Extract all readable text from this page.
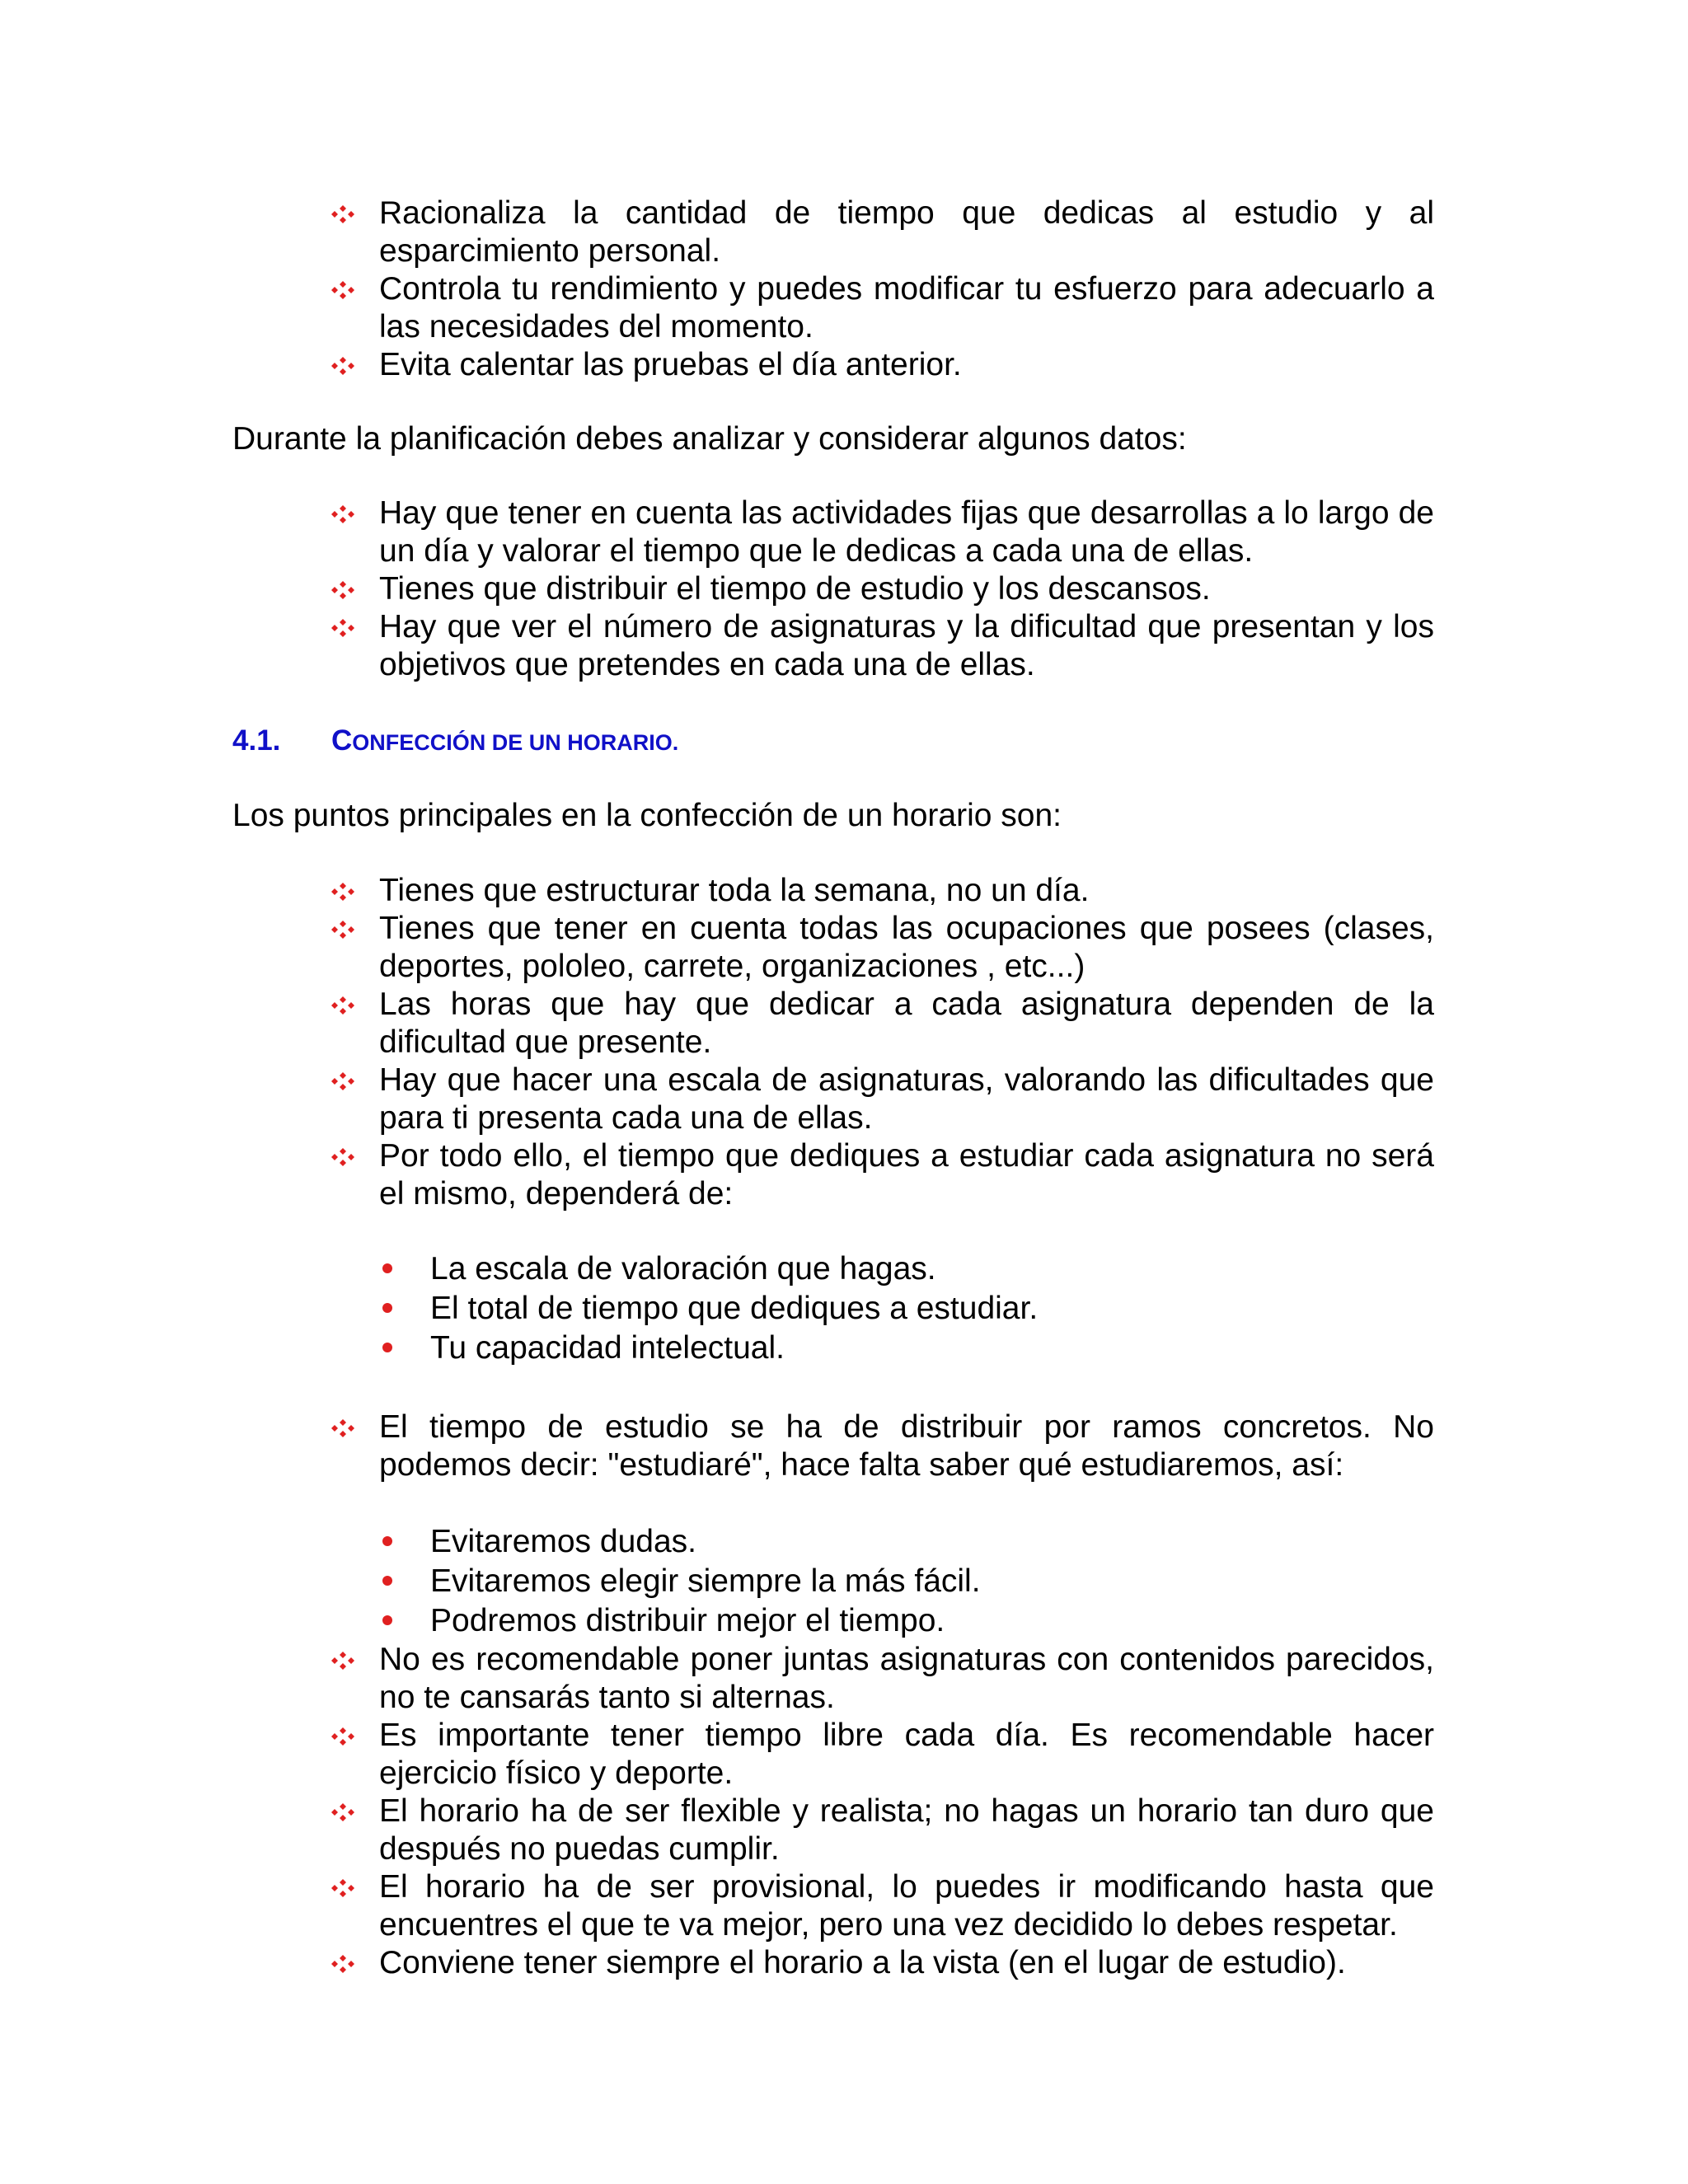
Racionaliza la cantidad de tiempo que dedicas al estudio y al esparcimiento personal.
Controla tu rendimiento y puedes modificar tu esfuerzo para adecuarlo a las necesidades del momento.
Evita calentar las pruebas el día anterior.

Durante la planificación debes analizar y considerar algunos datos:

Hay que tener en cuenta las actividades fijas que desarrollas a lo largo de un día y valorar el tiempo que le dedicas a cada una de ellas.
Tienes que distribuir el tiempo de estudio y los descansos.
Hay que ver el número de asignaturas y la dificultad que presentan y los objetivos que pretendes en cada una de ellas.
4.1. CONFECCIÓN DE UN HORARIO.

Los puntos principales en la confección de un horario son:

Tienes que estructurar toda la semana, no un día.
Tienes que tener en cuenta todas las ocupaciones que posees (clases, deportes, pololeo, carrete, organizaciones , etc...)
Las horas que hay que dedicar a cada asignatura dependen de la dificultad que presente.
Hay que hacer una escala de asignaturas, valorando las dificultades que para ti presenta cada una de ellas.
Por todo ello, el tiempo que dediques a estudiar cada asignatura no será el mismo, dependerá de:
La escala de valoración que hagas.
El total de tiempo que dediques a estudiar.
Tu capacidad intelectual.
El tiempo de estudio se ha de distribuir por ramos concretos. No podemos decir: "estudiaré", hace falta saber qué estudiaremos, así:
Evitaremos dudas.
Evitaremos elegir siempre la más fácil.
Podremos distribuir mejor el tiempo.
No es recomendable poner juntas asignaturas con contenidos parecidos, no te cansarás tanto si alternas.
Es importante tener tiempo libre cada día. Es recomendable hacer ejercicio físico y deporte.
El horario ha de ser flexible y realista; no hagas un horario tan duro que después no puedas cumplir.
El horario ha de ser provisional, lo puedes ir modificando hasta que encuentres el que te va mejor, pero una vez decidido lo debes respetar.
Conviene tener siempre el horario a la vista (en el lugar de estudio).
